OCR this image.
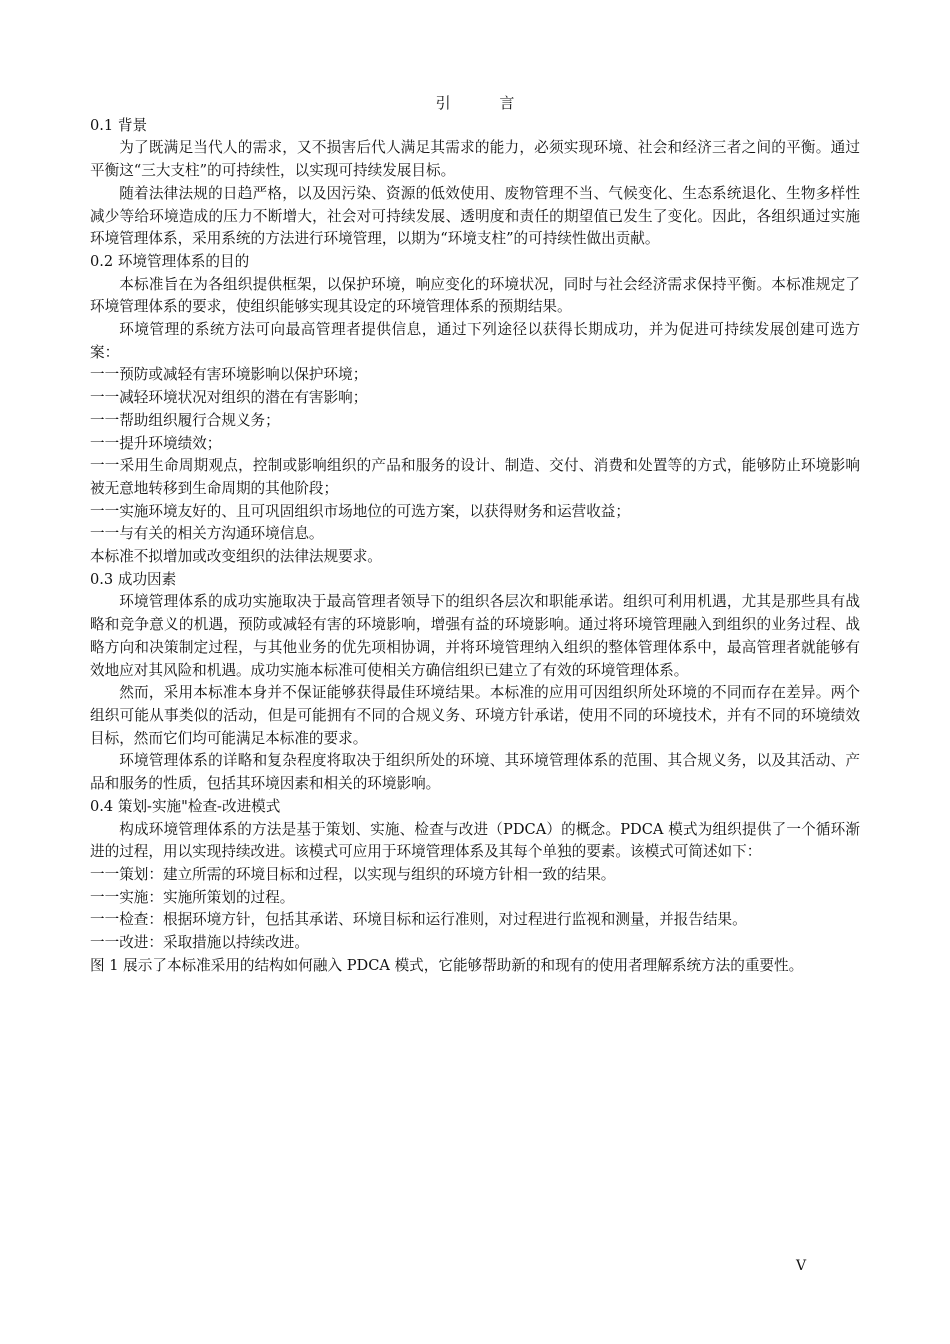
引 言

0.1 背景

为了既满足当代人的需求，又不损害后代人满足其需求的能力，必须实现环境、社会和经济三者之间的平衡。通过平衡这“三大支柱”的可持续性，以实现可持续发展目标。

随着法律法规的日趋严格，以及因污染、资源的低效使用、废物管理不当、气候变化、生态系统退化、生物多样性减少等给环境造成的压力不断增大，社会对可持续发展、透明度和责任的期望值已发生了变化。因此，各组织通过实施环境管理体系，采用系统的方法进行环境管理，以期为“环境支柱”的可持续性做出贡献。

0.2 环境管理体系的目的

本标准旨在为各组织提供框架，以保护环境，响应变化的环境状况，同时与社会经济需求保持平衡。本标准规定了环境管理体系的要求，使组织能够实现其设定的环境管理体系的预期结果。

环境管理的系统方法可向最高管理者提供信息，通过下列途径以获得长期成功，并为促进可持续发展创建可选方案：

一一预防或减轻有害环境影响以保护环境；

一一减轻环境状况对组织的潜在有害影响；

一一帮助组织履行合规义务；

一一提升环境绩效；

一一采用生命周期观点，控制或影响组织的产品和服务的设计、制造、交付、消费和处置等的方式，能够防止环境影响被无意地转移到生命周期的其他阶段；

一一实施环境友好的、且可巩固组织市场地位的可选方案，以获得财务和运营收益；

一一与有关的相关方沟通环境信息。

本标准不拟增加或改变组织的法律法规要求。

0.3 成功因素

环境管理体系的成功实施取决于最高管理者领导下的组织各层次和职能承诺。组织可利用机遇，尤其是那些具有战略和竞争意义的机遇，预防或减轻有害的环境影响，增强有益的环境影响。通过将环境管理融入到组织的业务过程、战略方向和决策制定过程，与其他业务的优先项相协调，并将环境管理纳入组织的整体管理体系中，最高管理者就能够有效地应对其风险和机遇。成功实施本标准可使相关方确信组织已建立了有效的环境管理体系。

然而，采用本标准本身并不保证能够获得最佳环境结果。本标准的应用可因组织所处环境的不同而存在差异。两个组织可能从事类似的活动，但是可能拥有不同的合规义务、环境方针承诺，使用不同的环境技术，并有不同的环境绩效目标，然而它们均可能满足本标准的要求。

环境管理体系的详略和复杂程度将取决于组织所处的环境、其环境管理体系的范围、其合规义务，以及其活动、产品和服务的性质，包括其环境因素和相关的环境影响。

0.4 策划-实施"检查-改进模式

构成环境管理体系的方法是基于策划、实施、检查与改进（PDCA）的概念。PDCA 模式为组织提供了一个循环渐进的过程，用以实现持续改进。该模式可应用于环境管理体系及其每个单独的要素。该模式可简述如下：

一一策划：建立所需的环境目标和过程，以实现与组织的环境方针相一致的结果。

一一实施：实施所策划的过程。

一一检查：根据环境方针，包括其承诺、环境目标和运行准则，对过程进行监视和测量，并报告结果。

一一改进：采取措施以持续改进。

图 1 展示了本标准采用的结构如何融入 PDCA 模式，它能够帮助新的和现有的使用者理解系统方法的重要性。

V
